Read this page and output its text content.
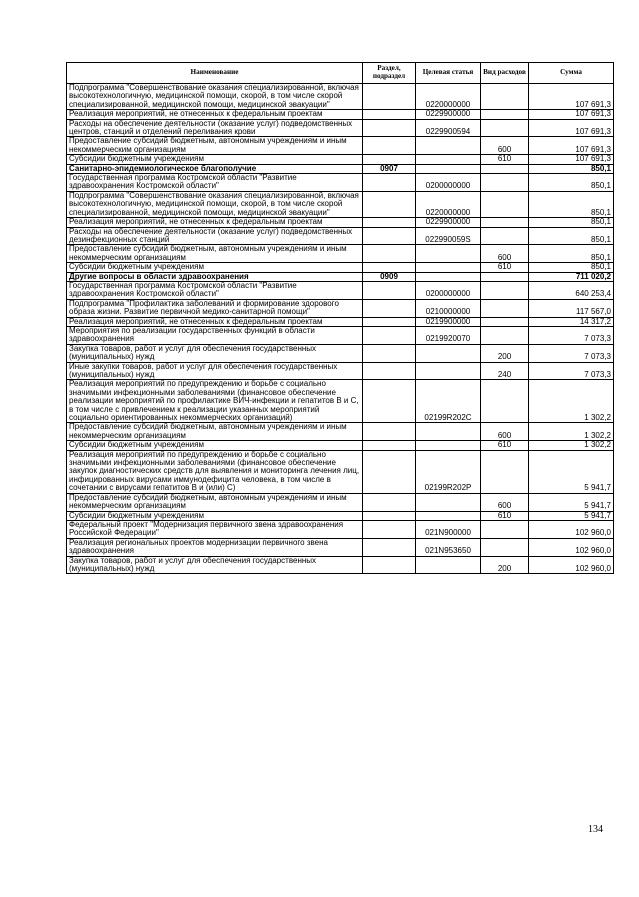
Наименование	Раздел, подраздел	Целевая статья	Вид расходов	Сумма
Подпрограмма "Совершенствование оказания специализированной, включая высокотехнологичную, медицинской помощи, скорой, в том числе скорой специализированной, медицинской помощи, медицинской эвакуации"		0220000000		107 691,3
Реализация мероприятий, не отнесенных к федеральным проектам		0229900000		107 691,3
Расходы на обеспечение деятельности (оказание услуг) подведомственных центров, станций и отделений переливания крови		0229900594		107 691,3
Предоставление субсидий бюджетным, автономным учреждениям и иным некоммерческим организациям			600	107 691,3
Субсидии бюджетным учреждениям			610	107 691,3
Санитарно-эпидемиологическое благополучие	0907			850,1
Государственная программа Костромской области "Развитие здравоохранения Костромской области"		0200000000		850,1
Подпрограмма "Совершенствование оказания специализированной, включая высокотехнологичную, медицинской помощи, скорой, в том числе скорой специализированной, медицинской помощи, медицинской эвакуации"		0220000000		850,1
Реализация мероприятий, не отнесенных к федеральным проектам		0229900000		850,1
Расходы на обеспечение деятельности (оказание услуг) подведомственных дезинфекционных станций		022990059S		850,1
Предоставление субсидий бюджетным, автономным учреждениям и иным некоммерческим организациям			600	850,1
Субсидии бюджетным учреждениям			610	850,1
Другие вопросы в области здравоохранения	0909			711 020,2
Государственная программа Костромской области "Развитие здравоохранения Костромской области"		0200000000		640 253,4
Подпрограмма "Профилактика заболеваний и формирование здорового образа жизни. Развитие первичной медико-санитарной помощи"		0210000000		117 567,0
Реализация мероприятий, не отнесенных к федеральным проектам		0219900000		14 317,2
Мероприятия по реализации государственных функций в области здравоохранения		0219920070		7 073,3
Закупка товаров, работ и услуг для обеспечения государственных (муниципальных) нужд			200	7 073,3
Иные закупки товаров, работ и услуг для обеспечения государственных (муниципальных) нужд			240	7 073,3
Реализация мероприятий по предупреждению и борьбе с социально значимыми инфекционными заболеваниями (финансовое обеспечение реализации мероприятий по профилактике ВИЧ-инфекции и гепатитов B и C, в том числе с привлечением к реализации указанных мероприятий социально ориентированных некоммерческих организаций)		02199R202C		1 302,2
Предоставление субсидий бюджетным, автономным учреждениям и иным некоммерческим организациям			600	1 302,2
Субсидии бюджетным учреждениям			610	1 302,2
Реализация мероприятий по предупреждению и борьбе с социально значимыми инфекционными заболеваниями (финансовое обеспечение закупок диагностических средств для выявления и мониторинга лечения лиц, инфицированных вирусами иммунодефицита человека, в том числе в сочетании с вирусами гепатитов B и (или) C)		02199R202P		5 941,7
Предоставление субсидий бюджетным, автономным учреждениям и иным некоммерческим организациям			600	5 941,7
Субсидии бюджетным учреждениям			610	5 941,7
Федеральный проект "Модернизация первичного звена здравоохранения Российской Федерации"		021N900000		102 960,0
Реализация региональных проектов модернизации первичного звена здравоохранения		021N953650		102 960,0
Закупка товаров, работ и услуг для обеспечения государственных (муниципальных) нужд			200	102 960,0
134
